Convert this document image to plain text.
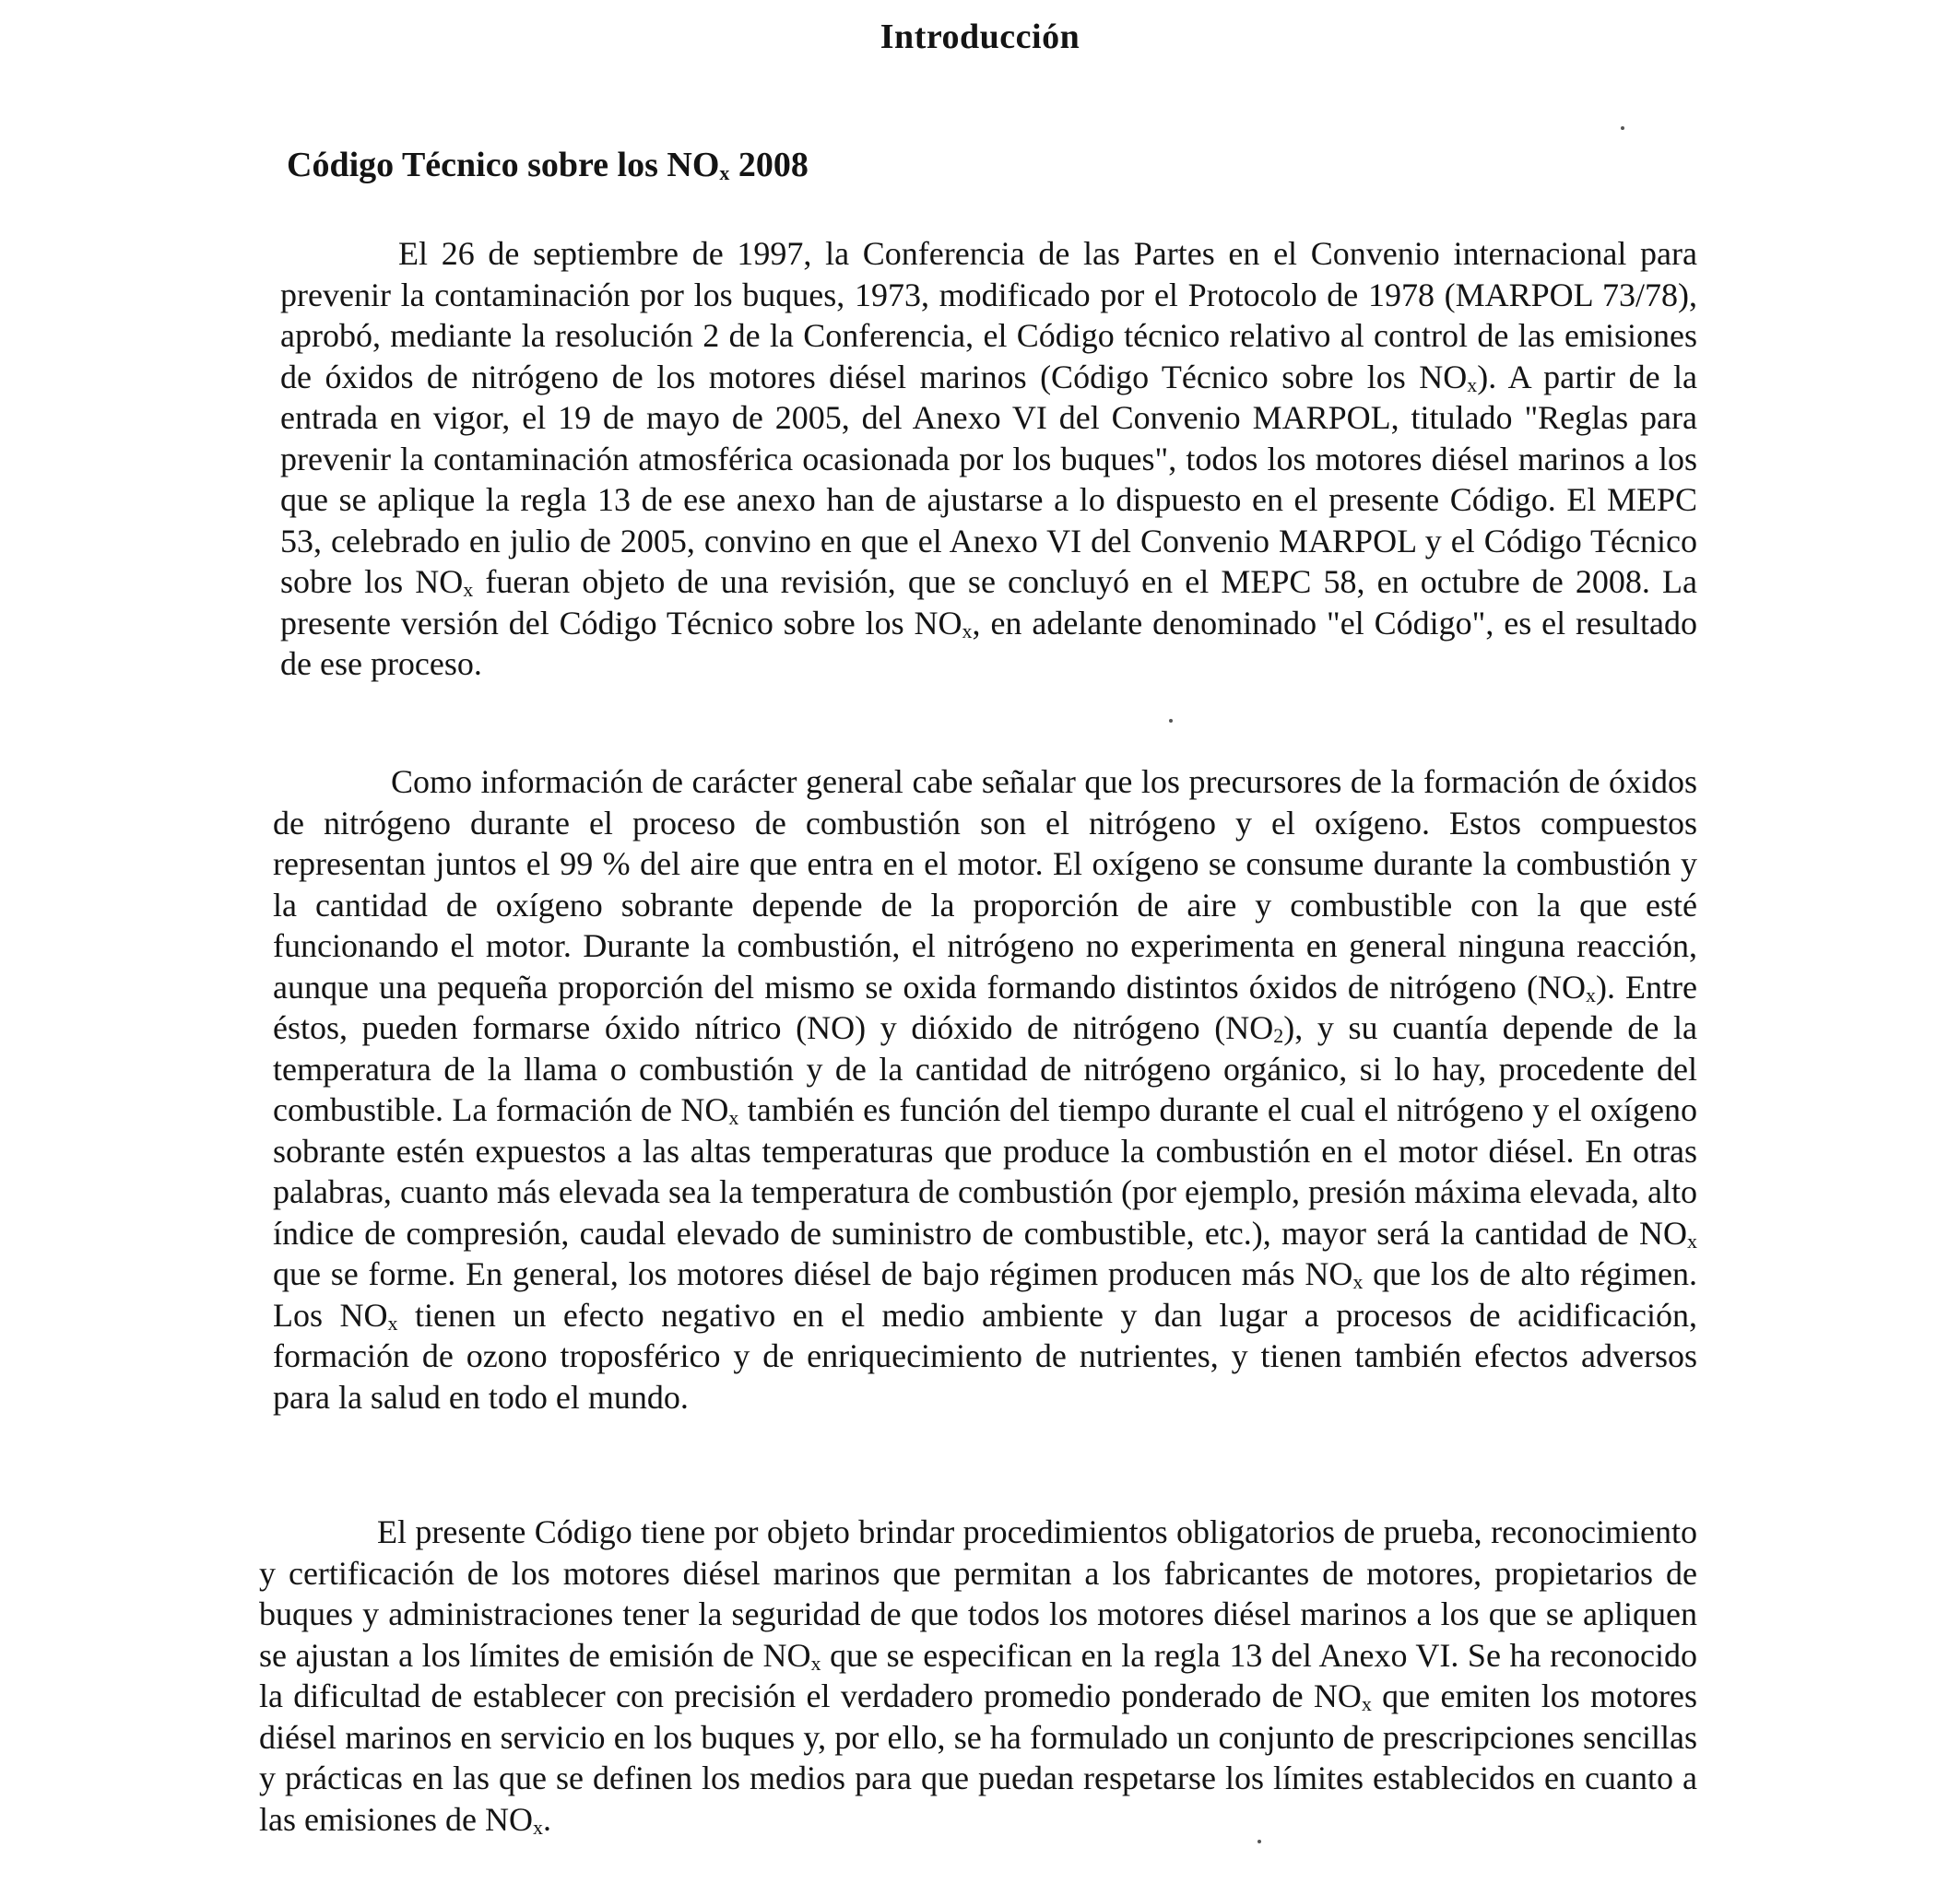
Introducción
Código Técnico sobre los $NO_x$ 2008

El 26 de septiembre de 1997, la Conferencia de las Partes en el Convenio internacional para prevenir la contaminación por los buques, 1973, modificado por el Protocolo de 1978 (MARPOL 73/78), aprobó, mediante la resolución 2 de la Conferencia, el Código técnico relativo al control de las emisiones de óxidos de nitrógeno de los motores diésel marinos (Código Técnico sobre los $NO_x$). A partir de la entrada en vigor, el 19 de mayo de 2005, del Anexo VI del Convenio MARPOL, titulado "Reglas para prevenir la contaminación atmosférica ocasionada por los buques", todos los motores diésel marinos a los que se aplique la regla 13 de ese anexo han de ajustarse a lo dispuesto en el presente Código. El MEPC 53, celebrado en julio de 2005, convino en que el Anexo VI del Convenio MARPOL y el Código Técnico sobre los $NO_x$ fueran objeto de una revisión, que se concluyó en el MEPC 58, en octubre de 2008. La presente versión del Código Técnico sobre los $NO_x$, en adelante denominado "el Código", es el resultado de ese proceso.

Como información de carácter general cabe señalar que los precursores de la formación de óxidos de nitrógeno durante el proceso de combustión son el nitrógeno y el oxígeno. Estos compuestos representan juntos el 99 % del aire que entra en el motor. El oxígeno se consume durante la combustión y la cantidad de oxígeno sobrante depende de la proporción de aire y combustible con la que esté funcionando el motor. Durante la combustión, el nitrógeno no experimenta en general ninguna reacción, aunque una pequeña proporción del mismo se oxida formando distintos óxidos de nitrógeno $(NO_x)$. Entre éstos, pueden formarse óxido nítrico (NO) y dióxido de nitrógeno $(NO_2)$, y su cuantía depende de la temperatura de la llama o combustión y de la cantidad de nitrógeno orgánico, si lo hay, procedente del combustible. La formación de $NO_x$ también es función del tiempo durante el cual el nitrógeno y el oxígeno sobrante estén expuestos a las altas temperaturas que produce la combustión en el motor diésel. En otras palabras, cuanto más elevada sea la temperatura de combustión (por ejemplo, presión máxima elevada, alto índice de compresión, caudal elevado de suministro de combustible, etc.), mayor será la cantidad de $NO_x$ que se forme. En general, los motores diésel de bajo régimen producen más $NO_x$ que los de alto régimen. Los $NO_x$ tienen un efecto negativo en el medio ambiente y dan lugar a procesos de acidificación, formación de ozono troposférico y de enriquecimiento de nutrientes, y tienen también efectos adversos para la salud en todo el mundo.

El presente Código tiene por objeto brindar procedimientos obligatorios de prueba, reconocimiento y certificación de los motores diésel marinos que permitan a los fabricantes de motores, propietarios de buques y administraciones tener la seguridad de que todos los motores diésel marinos a los que se apliquen se ajustan a los límites de emisión de $NO_x$ que se especifican en la regla 13 del Anexo VI. Se ha reconocido la dificultad de establecer con precisión el verdadero promedio ponderado de $NO_x$ que emiten los motores diésel marinos en servicio en los buques y, por ello, se ha formulado un conjunto de prescripciones sencillas y prácticas en las que se definen los medios para que puedan respetarse los límites establecidos en cuanto a las emisiones de $NO_x$.
